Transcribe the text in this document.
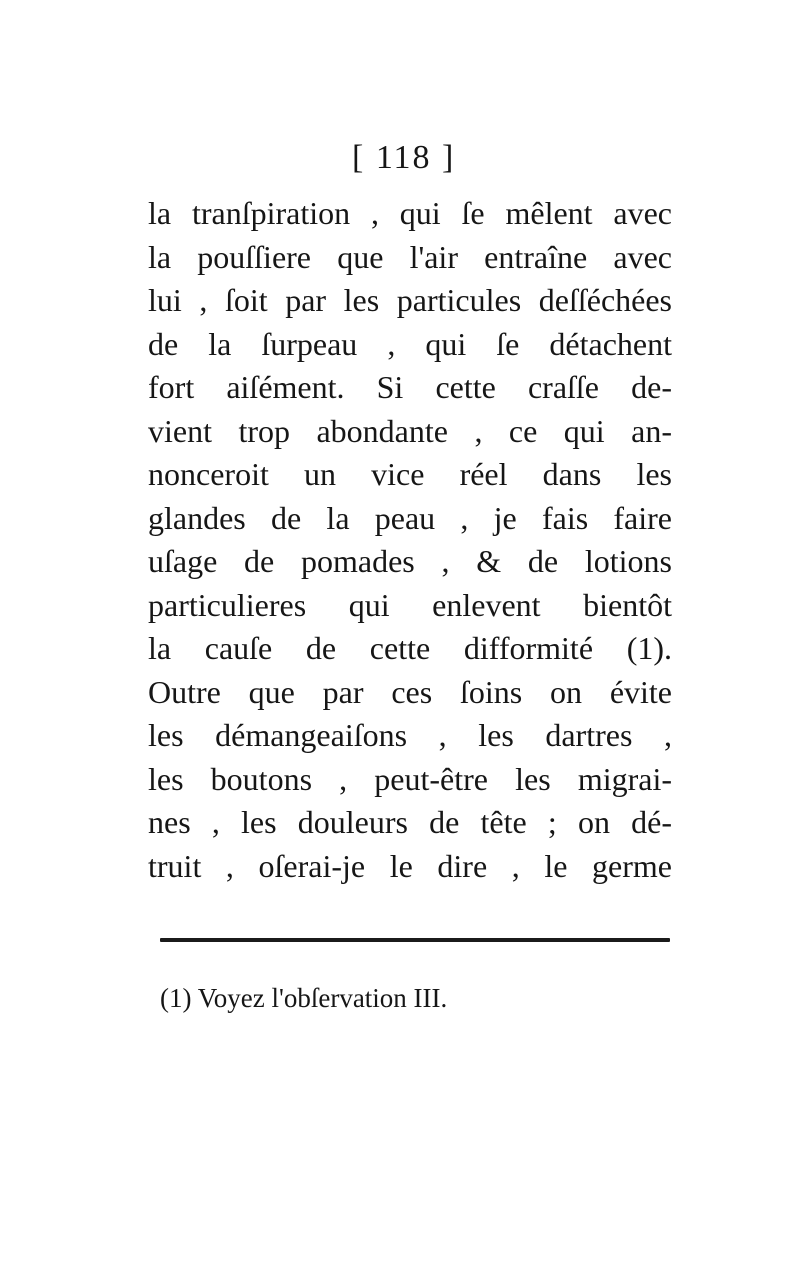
[ 118 ]
la tranſpiration , qui ſe mêlent avec
la pouſſiere que l'air entraîne avec
lui , ſoit par les particules deſſéchées
de la ſurpeau , qui ſe détachent
fort aiſément. Si cette craſſe de-
vient trop abondante , ce qui an-
nonceroit un vice réel dans les
glandes de la peau , je fais faire
uſage de pomades , & de lotions
particulieres qui enlevent bientôt
la cauſe de cette difformité (1).
Outre que par ces ſoins on évite
les démangeaiſons , les dartres ,
les boutons , peut-être les migrai-
nes , les douleurs de tête ; on dé-
truit , oſerai-je le dire , le germe
(1) Voyez l'obſervation III.
